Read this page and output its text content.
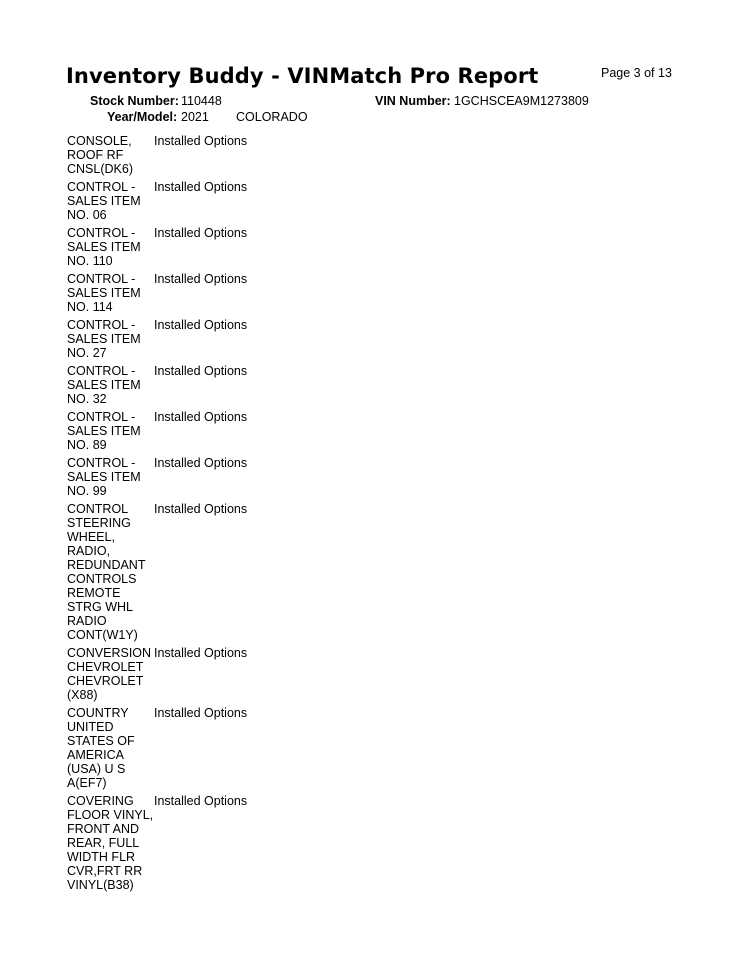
Inventory Buddy - VINMatch Pro Report	Page 3 of 13
Stock Number: 110448	VIN Number: 1GCHSCEA9M1273809
Year/Model: 2021 COLORADO
CONSOLE,
ROOF RF
CNSL(DK6)
Installed Options
CONTROL -
SALES ITEM
NO. 06
Installed Options
CONTROL -
SALES ITEM
NO. 110
Installed Options
CONTROL -
SALES ITEM
NO. 114
Installed Options
CONTROL -
SALES ITEM
NO. 27
Installed Options
CONTROL -
SALES ITEM
NO. 32
Installed Options
CONTROL -
SALES ITEM
NO. 89
Installed Options
CONTROL -
SALES ITEM
NO. 99
Installed Options
CONTROL
STEERING
WHEEL,
RADIO,
REDUNDANT
CONTROLS
REMOTE
STRG WHL
RADIO
CONT(W1Y)
Installed Options
CONVERSION
CHEVROLET
CHEVROLET
(X88)
Installed Options
COUNTRY
UNITED
STATES OF
AMERICA
(USA) U S
A(EF7)
Installed Options
COVERING
FLOOR VINYL,
FRONT AND
REAR, FULL
WIDTH FLR
CVR,FRT RR
VINYL(B38)
Installed Options
